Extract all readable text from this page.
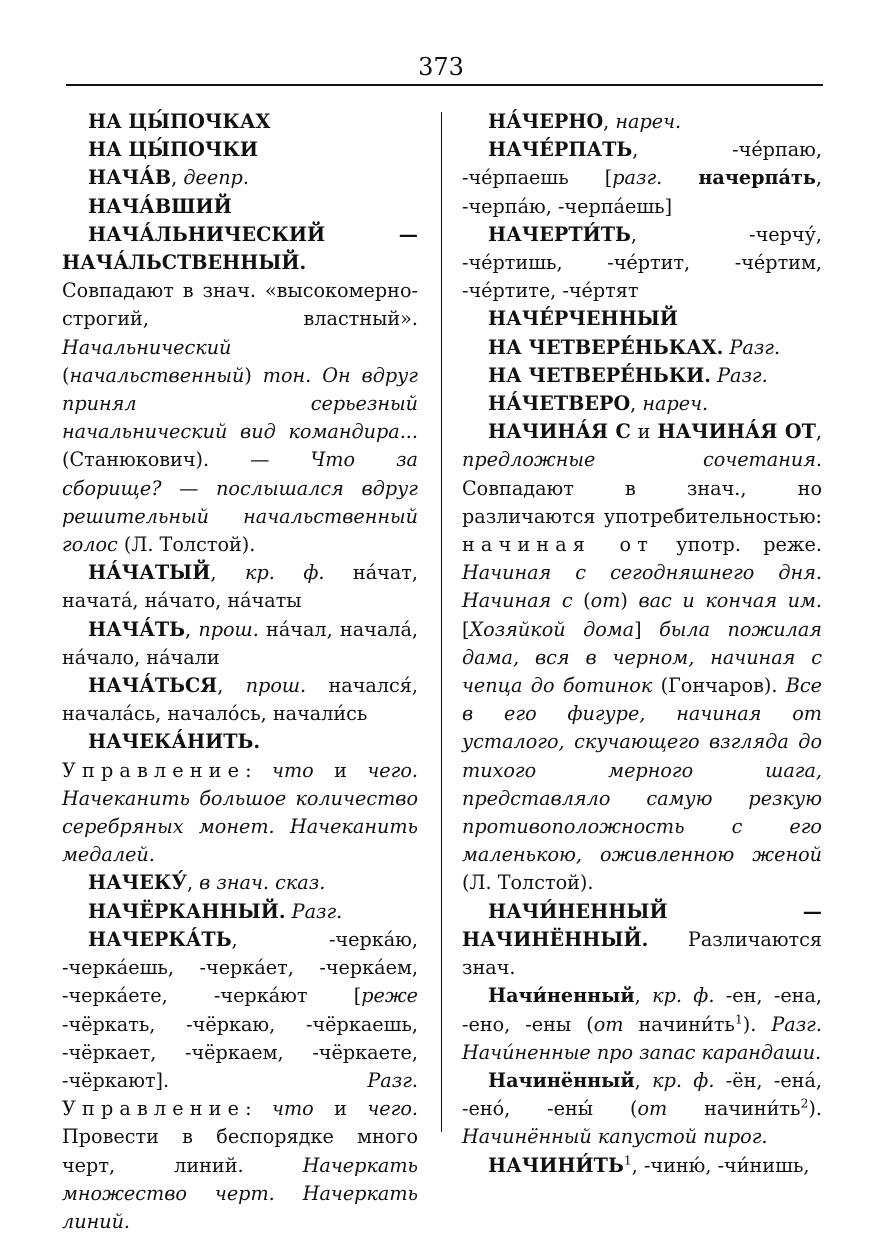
373

НА ЦЫ́ПОЧКАХ

НА ЦЫ́ПОЧКИ

НАЧА́В, деепр.

НАЧА́ВШИЙ

НАЧА́ЛЬНИЧЕСКИЙ — НАЧА́ЛЬСТВЕННЫЙ. Совпадают в знач. «высокомерно-строгий, властный». Начальнический (начальственный) тон. Он вдруг принял серьезный начальнический вид командира... (Станюкович). — Что за сборище? — послышался вдруг решительный начальственный голос (Л. Толстой).

НА́ЧАТЫЙ, кр. ф. на́чат, начата́, на́чато, на́чаты

НАЧА́ТЬ, прош. на́чал, начала́, на́чало, на́чали

НАЧА́ТЬСЯ, прош. начался́, начала́сь, начало́сь, начали́сь

НАЧЕКА́НИТЬ. Управление: что и чего. Начеканить большое количество серебряных монет. Начеканить медалей.

НАЧЕКУ́, в знач. сказ.

НАЧЁРКАННЫЙ. Разг.

НАЧЕРКА́ТЬ, -черка́ю, -черка́ешь, -черка́ет, -черка́ем, -черка́ете, -черка́ют [реже -чёркать, -чёркаю, -чёркаешь, -чёркает, -чёркаем, -чёркаете, -чёркают]. Разг. Управление: что и чего. Провести в беспорядке много черт, линий. Начеркать множество черт. Начеркать линий.

НА́ЧЕРНО, нареч.

НАЧЕ́РПАТЬ, -че́рпаю, -че́рпаешь [разг. начерпа́ть, -черпа́ю, -черпа́ешь]

НАЧЕРТИ́ТЬ, -черчу́, -че́ртишь, -че́ртит, -че́ртим, -че́ртите, -че́ртят

НАЧЕ́РЧЕННЫЙ

НА ЧЕТВЕРЕ́НЬКАХ. Разг.

НА ЧЕТВЕРЕ́НЬКИ. Разг.

НА́ЧЕТВЕРО, нареч.

НАЧИНА́Я С и НАЧИНА́Я ОТ, предложные сочетания. Совпадают в знач., но различаются употребительностью: начиная от употр. реже. Начиная с сегодняшнего дня. Начиная с (от) вас и кончая им. [Хозяйкой дома] была пожилая дама, вся в черном, начиная с чепца до ботинок (Гончаров). Все в его фигуре, начиная от усталого, скучающего взгляда до тихого мерного шага, представляло самую резкую противоположность с его маленькою, оживленною женой (Л. Толстой).

НАЧИ́НЕННЫЙ — НАЧИНЁННЫЙ. Различаются знач.

Начи́ненный, кр. ф. -ен, -ена, -ено, -ены (от $начини́ть^1$). Разг. Начи́ненные про запас карандаши.

Начинённый, кр. ф. -ён, -ена́, -ено́, -ены́ (от $начини́ть^2$). Начинённый капустой пирог.

$НАЧИНИ́ТЬ^1$, -чиню́, -чи́нишь,
